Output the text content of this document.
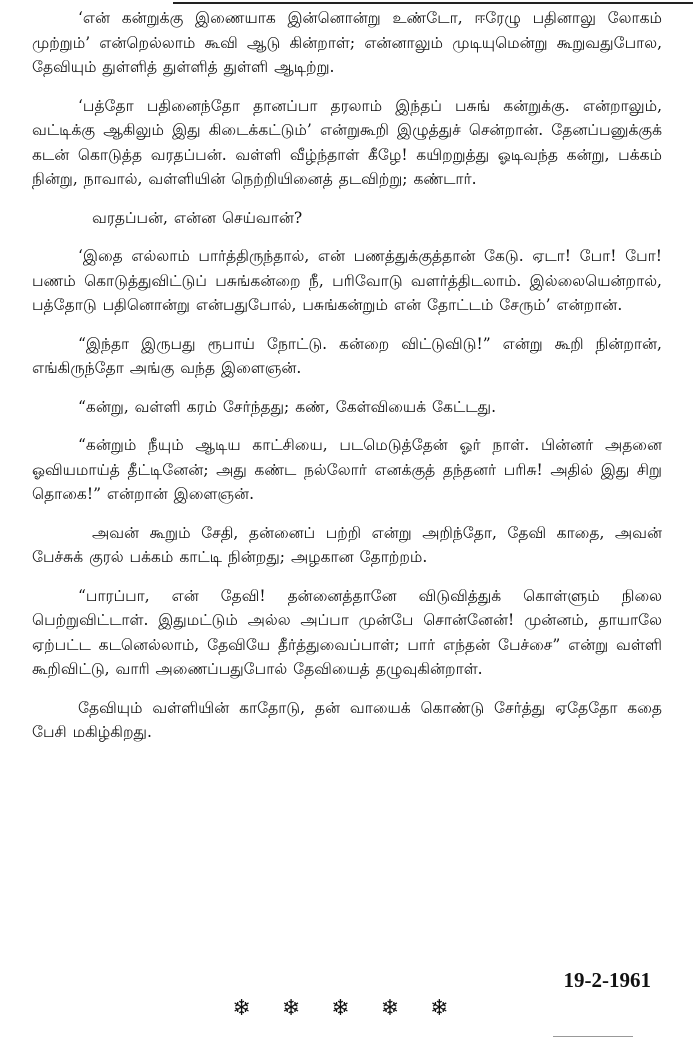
‘என் கன்றுக்கு இணையாக இன்னொன்று உண்டோ, ஈரேழு பதினாலு லோகம் முற்றும்’ என்றெல்லாம் கூவி ஆடு கின்றாள்; என்னாலும் முடியுமென்று கூறுவதுபோல, தேவியும் துள்ளித் துள்ளித் துள்ளி ஆடிற்று.

‘பத்தோ பதினைந்தோ தானப்பா தரலாம் இந்தப் பசுங் கன்றுக்கு. என்றாலும், வட்டிக்கு ஆகிலும் இது கிடைக்கட்டும்’ என்றுகூறி இழுத்துச் சென்றான். தேனப்பனுக்குக் கடன் கொடுத்த வரதப்பன். வள்ளி வீழ்ந்தாள் கீழே! கயிறறுத்து ஓடிவந்த கன்று, பக்கம் நின்று, நாவால், வள்ளியின் நெற்றியினைத் தடவிற்று; கண்டார்.

வரதப்பன், என்ன செய்வான்?

‘இதை எல்லாம் பார்த்திருந்தால், என் பணத்துக்குத்தான் கேடு. ஏடா! போ! போ! பணம் கொடுத்துவிட்டுப் பசுங்கன்றை நீ, பரிவோடு வளர்த்திடலாம். இல்லையென்றால், பத்தோடு பதினொன்று என்பதுபோல், பசுங்கன்றும் என் தோட்டம் சேரும்’ என்றான்.

“இந்தா இருபது ரூபாய் நோட்டு. கன்றை விட்டுவிடு!” என்று கூறி நின்றான், எங்கிருந்தோ அங்கு வந்த இளைஞன்.

“கன்று, வள்ளி கரம் சேர்ந்தது; கண், கேள்வியைக் கேட்டது.

“கன்றும் நீயும் ஆடிய காட்சியை, படமெடுத்தேன் ஓர் நாள். பின்னர் அதனை ஓவியமாய்த் தீட்டினேன்; அது கண்ட நல்லோர் எனக்குத் தந்தனர் பரிசு! அதில் இது சிறு தொகை!” என்றான் இளைஞன்.

அவன் கூறும் சேதி, தன்னைப் பற்றி என்று அறிந்தோ, தேவி காதை, அவன் பேச்சுக் குரல் பக்கம் காட்டி நின்றது; அழகான தோற்றம்.

“பாரப்பா, என் தேவி! தன்னைத்தானே விடுவித்துக் கொள்ளும் நிலை பெற்றுவிட்டாள். இதுமட்டும் அல்ல அப்பா முன்பே சொன்னேன்! முன்னம், தாயாலே ஏற்பட்ட கடனெல்லாம், தேவியே தீர்த்துவைப்பாள்; பார் எந்தன் பேச்சை” என்று வள்ளி கூறிவிட்டு, வாரி அணைப்பதுபோல் தேவியைத் தழுவுகின்றாள்.

தேவியும் வள்ளியின் காதோடு, தன் வாயைக் கொண்டு சேர்த்து ஏதேதோ கதை பேசி மகிழ்கிறது.

19-2-1961
❄ ❄ ❄ ❄ ❄
